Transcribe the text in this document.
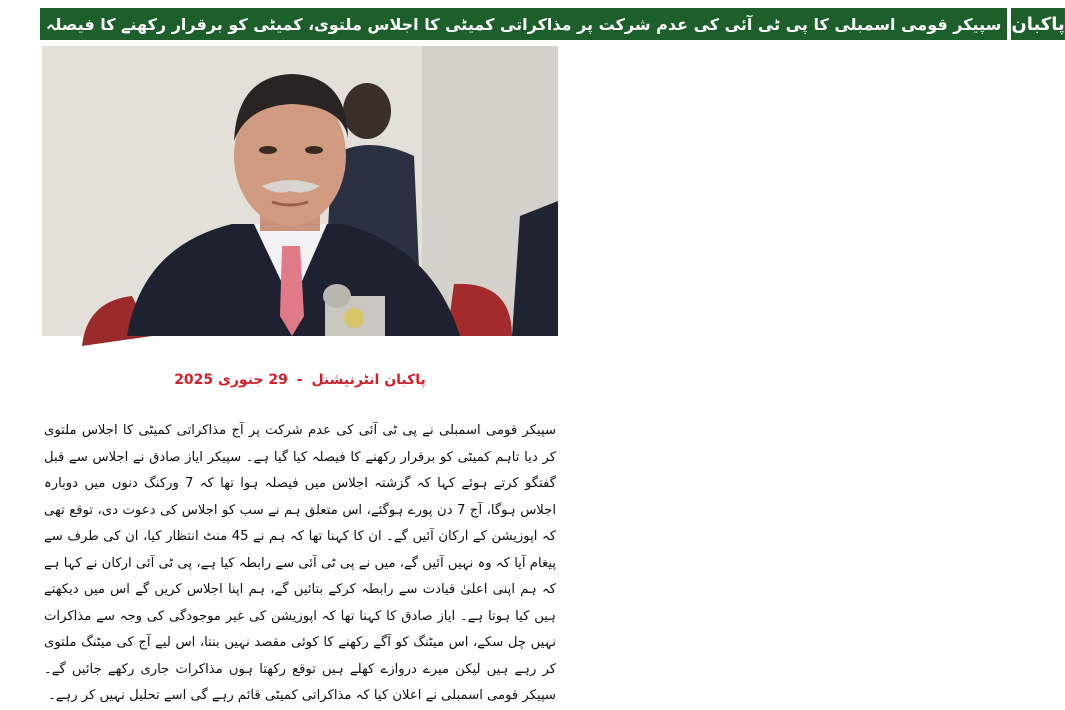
سپیکر قومی اسمبلی کا پی ٹی آئی کی عدم شرکت پر مذاکراتی کمیٹی کا اجلاس ملتوی، کمیٹی کو برقرار رکھنے کا فیصلہ پاکبان
پاکبان انٹرنیشنل - 29 جنوری 2025
سپیکر قومی اسمبلی نے پی ٹی آئی کی عدم شرکت پر آج مذاکراتی کمیٹی کا اجلاس ملتوی کر دیا تاہم کمیٹی کو برقرار رکھنے کا فیصلہ کیا گیا ہے۔ سپیکر ایاز صادق نے اجلاس سے قبل گفتگو کرتے ہوئے کہا کہ گزشتہ اجلاس میں فیصلہ ہوا تھا کہ 7 ورکنگ دنوں میں دوبارہ اجلاس ہوگا، آج 7 دن پورے ہوگئے، اس متعلق ہم نے سب کو اجلاس کی دعوت دی، توقع تھی کہ اپوزیشن کے ارکان آئیں گے۔ ان کا کہنا تھا کہ ہم نے 45 منٹ انتظار کیا، ان کی طرف سے پیغام آیا کہ وہ نہیں آئیں گے، میں نے پی ٹی آئی سے رابطہ کیا ہے، پی ٹی آئی ارکان نے کہا ہے کہ ہم اپنی اعلیٰ قیادت سے رابطہ کرکے بتائیں گے، ہم اپنا اجلاس کریں گے اس میں دیکھتے ہیں کیا ہوتا ہے۔ ایاز صادق کا کہنا تھا کہ اپوزیشن کی غیر موجودگی کی وجہ سے مذاکرات نہیں چل سکے، اس میٹنگ کو آگے رکھنے کا کوئی مقصد نہیں بنتا، اس لیے آج کی میٹنگ ملتوی کر رہے ہیں لیکن میرے دروازے کھلے ہیں توقع رکھتا ہوں مذاکرات جاری رکھے جائیں گے۔ سپیکر قومی اسمبلی نے اعلان کیا کہ مذاکراتی کمیٹی قائم رہے گی اسے تحلیل نہیں کر رہے۔
